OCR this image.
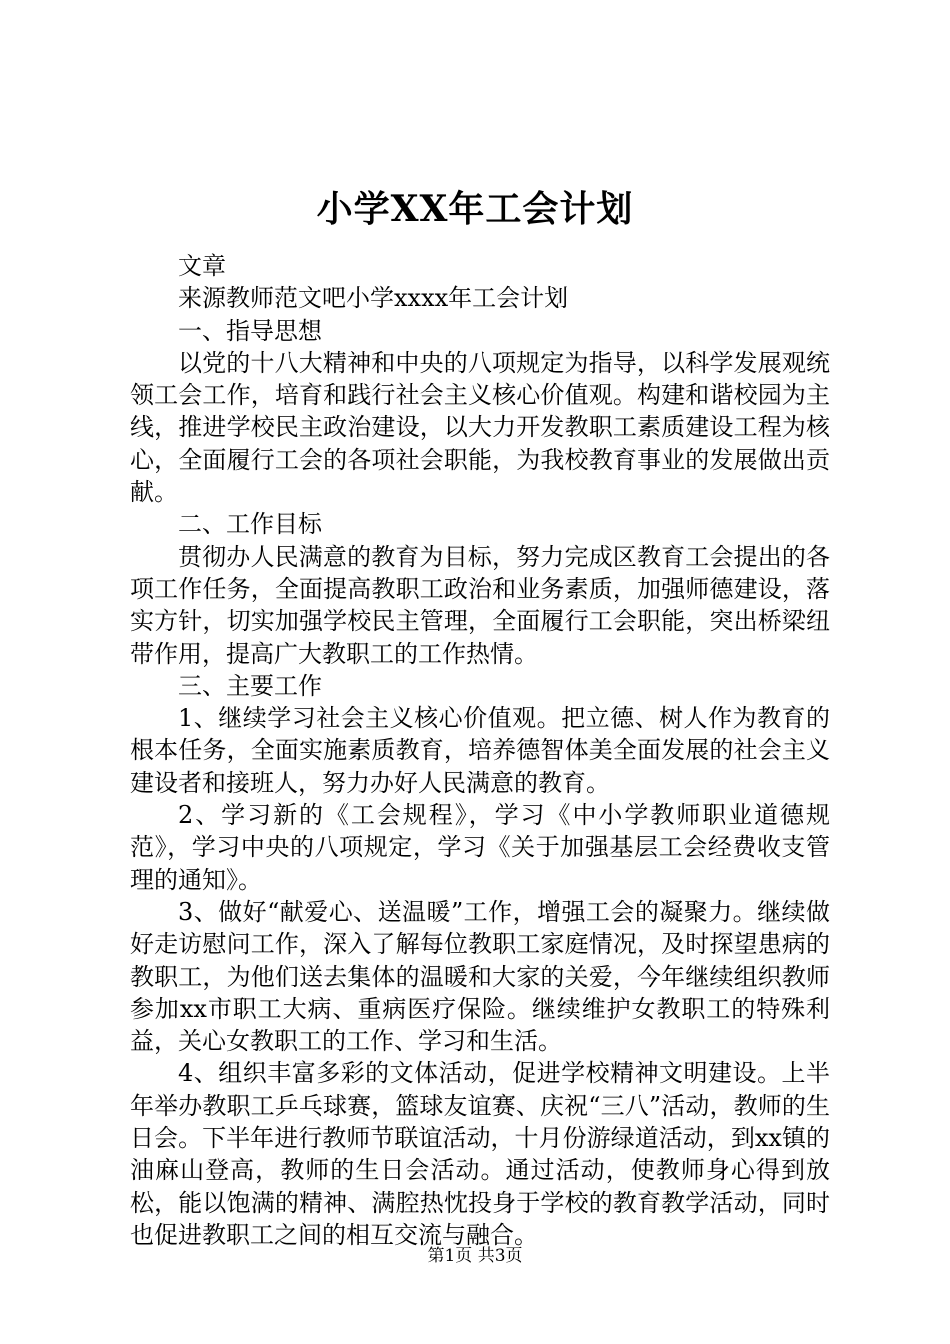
小学XX年工会计划

文章

来源教师范文吧小学xxxx年工会计划

一、指导思想

以党的十八大精神和中央的八项规定为指导，以科学发展观统领工会工作，培育和践行社会主义核心价值观。构建和谐校园为主线，推进学校民主政治建设，以大力开发教职工素质建设工程为核心，全面履行工会的各项社会职能，为我校教育事业的发展做出贡献。

二、工作目标

贯彻办人民满意的教育为目标，努力完成区教育工会提出的各项工作任务，全面提高教职工政治和业务素质，加强师德建设，落实方针，切实加强学校民主管理，全面履行工会职能，突出桥梁纽带作用，提高广大教职工的工作热情。

三、主要工作

1、继续学习社会主义核心价值观。把立德、树人作为教育的根本任务，全面实施素质教育，培养德智体美全面发展的社会主义建设者和接班人，努力办好人民满意的教育。

2、学习新的《工会规程》，学习《中小学教师职业道德规范》，学习中央的八项规定，学习《关于加强基层工会经费收支管理的通知》。

3、做好“献爱心、送温暖”工作，增强工会的凝聚力。继续做好走访慰问工作，深入了解每位教职工家庭情况，及时探望患病的教职工，为他们送去集体的温暖和大家的关爱，今年继续组织教师参加xx市职工大病、重病医疗保险。继续维护女教职工的特殊利益，关心女教职工的工作、学习和生活。

4、组织丰富多彩的文体活动，促进学校精神文明建设。上半年举办教职工乒乓球赛，篮球友谊赛、庆祝“三八”活动，教师的生日会。下半年进行教师节联谊活动，十月份游绿道活动，到xx镇的油麻山登高，教师的生日会活动。通过活动，使教师身心得到放松，能以饱满的精神、满腔热忱投身于学校的教育教学活动，同时也促进教职工之间的相互交流与融合。

第1页 共3页
